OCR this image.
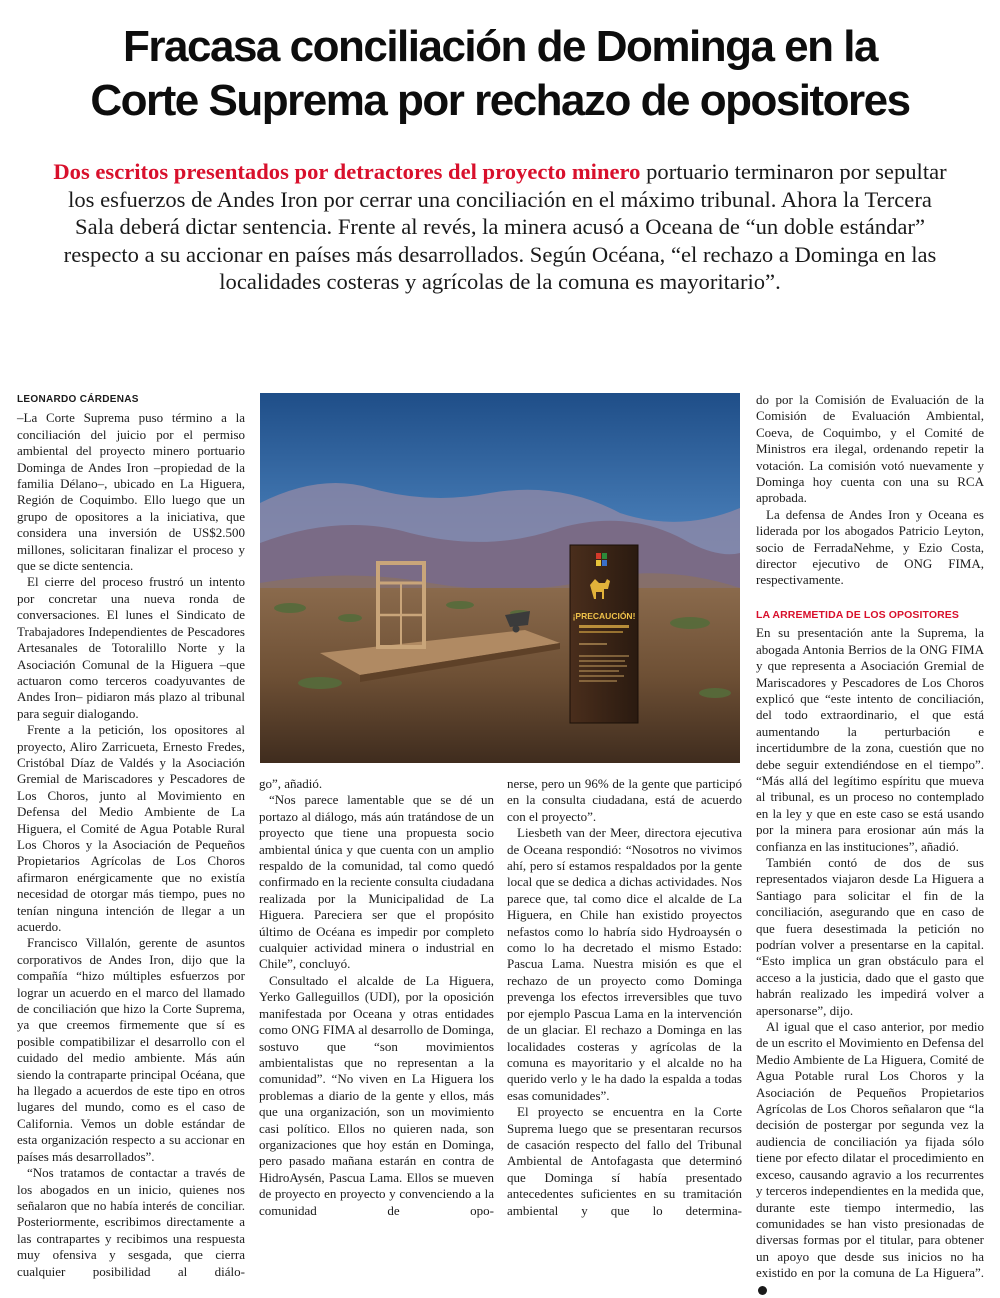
Fracasa conciliación de Dominga en la
Corte Suprema por rechazo de opositores
Dos escritos presentados por detractores del proyecto minero portuario terminaron por sepultar
los esfuerzos de Andes Iron por cerrar una conciliación en el máximo tribunal. Ahora la Tercera
Sala deberá dictar sentencia. Frente al revés, la minera acusó a Oceana de “un doble estándar”
respecto a su accionar en países más desarrollados. Según Océana, “el rechazo a Dominga en las
localidades costeras y agrícolas de la comuna es mayoritario”.
LEONARDO CÁRDENAS

–La Corte Suprema puso término a la conciliación del juicio por el permiso ambiental del proyecto minero portuario Dominga de Andes Iron –propiedad de la familia Délano–, ubicado en La Higuera, Región de Coquimbo. Ello luego que un grupo de opositores a la iniciativa, que considera una inversión de US$2.500 millones, solicitaran finalizar el proceso y que se dicte sentencia.

El cierre del proceso frustró un intento por concretar una nueva ronda de conversaciones. El lunes el Sindicato de Trabajadores Independientes de Pescadores Artesanales de Totoralillo Norte y la Asociación Comunal de la Higuera –que actuaron como terceros coadyuvantes de Andes Iron– pidiaron más plazo al tribunal para seguir dialogando.

Frente a la petición, los opositores al proyecto, Aliro Zarricueta, Ernesto Fredes, Cristóbal Díaz de Valdés y la Asociación Gremial de Mariscadores y Pescadores de Los Choros, junto al Movimiento en Defensa del Medio Ambiente de La Higuera, el Comité de Agua Potable Rural Los Choros y la Asociación de Pequeños Propietarios Agrícolas de Los Choros afirmaron enérgicamente que no existía necesidad de otorgar más tiempo, pues no tenían ninguna intención de llegar a un acuerdo.

Francisco Villalón, gerente de asuntos corporativos de Andes Iron, dijo que la compañía “hizo múltiples esfuerzos por lograr un acuerdo en el marco del llamado de conciliación que hizo la Corte Suprema, ya que creemos firmemente que sí es posible compatibilizar el desarrollo con el cuidado del medio ambiente. Más aún siendo la contraparte principal Océana, que ha llegado a acuerdos de este tipo en otros lugares del mundo, como es el caso de California. Vemos un doble estándar de esta organización respecto a su accionar en países más desarrollados”.

“Nos tratamos de contactar a través de los abogados en un inicio, quienes nos señalaron que no había interés de conciliar. Posteriormente, escribimos directamente a las contrapartes y recibimos una respuesta muy ofensiva y sesgada, que cierra cualquier posibilidad al diálo-

¡PRECAUCIÓN!

go”, añadió.

“Nos parece lamentable que se dé un portazo al diálogo, más aún tratándose de un proyecto que tiene una propuesta socio ambiental única y que cuenta con un amplio respaldo de la comunidad, tal como quedó confirmado en la reciente consulta ciudadana realizada por la Municipalidad de La Higuera. Pareciera ser que el propósito último de Océana es impedir por completo cualquier actividad minera o industrial en Chile”, concluyó.

Consultado el alcalde de La Higuera, Yerko Galleguillos (UDI), por la oposición manifestada por Oceana y otras entidades como ONG FIMA al desarrollo de Dominga, sostuvo que “son movimientos ambientalistas que no representan a la comunidad”. “No viven en La Higuera los problemas a diario de la gente y ellos, más que una organización, son un movimiento casi político. Ellos no quieren nada, son organizaciones que hoy están en Dominga, pero pasado mañana estarán en contra de HidroAysén, Pascua Lama. Ellos se mueven de proyecto en proyecto y convenciendo a la comunidad de opo-

nerse, pero un 96% de la gente que participó en la consulta ciudadana, está de acuerdo con el proyecto”.

Liesbeth van der Meer, directora ejecutiva de Oceana respondió: “Nosotros no vivimos ahí, pero sí estamos respaldados por la gente local que se dedica a dichas actividades. Nos parece que, tal como dice el alcalde de La Higuera, en Chile han existido proyectos nefastos como lo habría sido Hydroaysén o como lo ha decretado el mismo Estado: Pascua Lama. Nuestra misión es que el rechazo de un proyecto como Dominga prevenga los efectos irreversibles que tuvo por ejemplo Pascua Lama en la intervención de un glaciar. El rechazo a Dominga en las localidades costeras y agrícolas de la comuna es mayoritario y el alcalde no ha querido verlo y le ha dado la espalda a todas esas comunidades”.

El proyecto se encuentra en la Corte Suprema luego que se presentaran recursos de casación respecto del fallo del Tribunal Ambiental de Antofagasta que determinó que Dominga sí había presentado antecedentes suficientes en su tramitación ambiental y que lo determina-

do por la Comisión de Evaluación de la Comisión de Evaluación Ambiental, Coeva, de Coquimbo, y el Comité de Ministros era ilegal, ordenando repetir la votación. La comisión votó nuevamente y Dominga hoy cuenta con una su RCA aprobada.

La defensa de Andes Iron y Oceana es liderada por los abogados Patricio Leyton, socio de FerradaNehme, y Ezio Costa, director ejecutivo de ONG FIMA, respectivamente.

LA ARREMETIDA DE LOS OPOSITORES

En su presentación ante la Suprema, la abogada Antonia Berrios de la ONG FIMA y que representa a Asociación Gremial de Mariscadores y Pescadores de Los Choros explicó que “este intento de conciliación, del todo extraordinario, el que está aumentando la perturbación e incertidumbre de la zona, cuestión que no debe seguir extendiéndose en el tiempo”. “Más allá del legítimo espíritu que mueva al tribunal, es un proceso no contemplado en la ley y que en este caso se está usando por la minera para erosionar aún más la confianza en las instituciones”, añadió.

También contó de dos de sus representados viajaron desde La Higuera a Santiago para solicitar el fin de la conciliación, asegurando que en caso de que fuera desestimada la petición no podrían volver a presentarse en la capital. “Esto implica un gran obstáculo para el acceso a la justicia, dado que el gasto que habrán realizado les impedirá volver a apersonarse”, dijo.

Al igual que el caso anterior, por medio de un escrito el Movimiento en Defensa del Medio Ambiente de La Higuera, Comité de Agua Potable rural Los Choros y la Asociación de Pequeños Propietarios Agrícolas de Los Choros señalaron que “la decisión de postergar por segunda vez la audiencia de conciliación ya fijada sólo tiene por efecto dilatar el procedimiento en exceso, causando agravio a los recurrentes y terceros independientes en la medida que, durante este tiempo intermedio, las comunidades se han visto presionadas de diversas formas por el titular, para obtener un apoyo que desde sus inicios no ha existido en por la comuna de La Higuera”.
